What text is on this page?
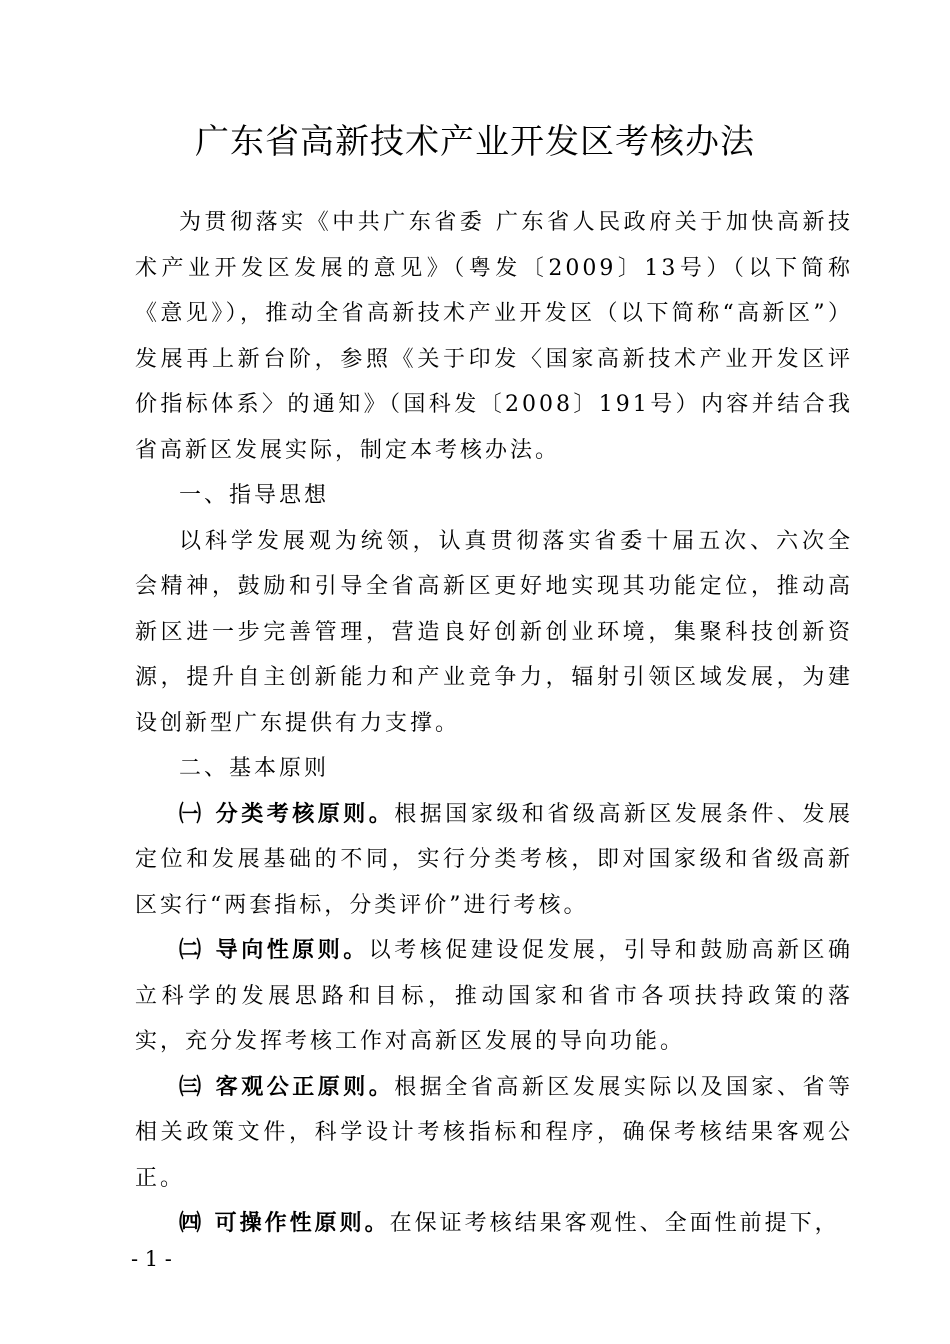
广东省高新技术产业开发区考核办法

为贯彻落实《中共广东省委 广东省人民政府关于加快高新技术产业开发区发展的意见》（粤发〔2009〕13号）（以下简称《意见》），推动全省高新技术产业开发区（以下简称“高新区”）发展再上新台阶，参照《关于印发〈国家高新技术产业开发区评价指标体系〉的通知》（国科发〔2008〕191号）内容并结合我省高新区发展实际，制定本考核办法。

一、指导思想

以科学发展观为统领，认真贯彻落实省委十届五次、六次全会精神，鼓励和引导全省高新区更好地实现其功能定位，推动高新区进一步完善管理，营造良好创新创业环境，集聚科技创新资源，提升自主创新能力和产业竞争力，辐射引领区域发展，为建设创新型广东提供有力支撑。

二、基本原则

㈠ 分类考核原则。根据国家级和省级高新区发展条件、发展定位和发展基础的不同，实行分类考核，即对国家级和省级高新区实行“两套指标，分类评价”进行考核。

㈡ 导向性原则。以考核促建设促发展，引导和鼓励高新区确立科学的发展思路和目标，推动国家和省市各项扶持政策的落实，充分发挥考核工作对高新区发展的导向功能。

㈢ 客观公正原则。根据全省高新区发展实际以及国家、省等相关政策文件，科学设计考核指标和程序，确保考核结果客观公正。

㈣ 可操作性原则。在保证考核结果客观性、全面性前提下，

- 1 -
